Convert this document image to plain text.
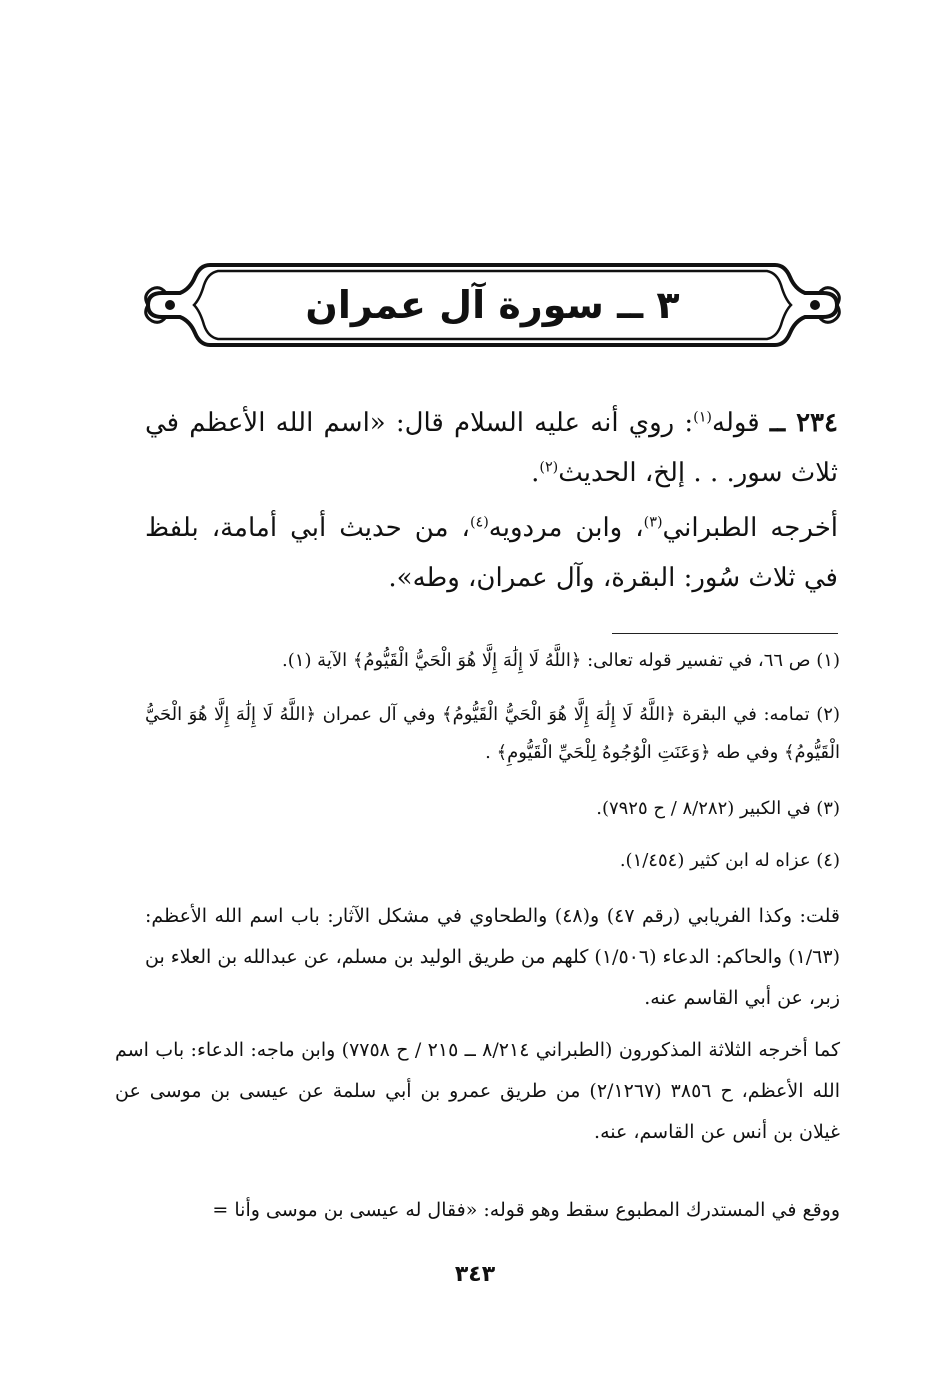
٣ ــ سورة آل عمران
٢٣٤ ــ قوله$^{(١)}$: روي أنه عليه السلام قال: «اسم الله الأعظم في ثلاث سور. . . إلخ، الحديث$^{(٢)}$.
أخرجه الطبراني$^{(٣)}$، وابن مردويه$^{(٤)}$، من حديث أبي أمامة، بلفظ في ثلاث سُور: البقرة، وآل عمران، وطه».
(١) ص ٦٦، في تفسير قوله تعالى: ﴿اللَّهُ لَا إِلَٰهَ إِلَّا هُوَ الْحَيُّ الْقَيُّومُ﴾ الآية (١).
(٢) تمامه: في البقرة ﴿اللَّهُ لَا إِلَٰهَ إِلَّا هُوَ الْحَيُّ الْقَيُّومُ﴾ وفي آل عمران ﴿اللَّهُ لَا إِلَٰهَ إِلَّا هُوَ الْحَيُّ الْقَيُّومُ﴾ وفي طه ﴿وَعَنَتِ الْوُجُوهُ لِلْحَيِّ الْقَيُّومِ﴾ .
(٣) في الكبير (٨/٢٨٢ / ح ٧٩٢٥).
(٤) عزاه له ابن كثير (١/٤٥٤).
قلت: وكذا الفريابي (رقم ٤٧) و(٤٨) والطحاوي في مشكل الآثار: باب اسم الله الأعظم: (١/٦٣) والحاكم: الدعاء (١/٥٠٦) كلهم من طريق الوليد بن مسلم، عن عبدالله بن العلاء بن زبر، عن أبي القاسم عنه.
كما أخرجه الثلاثة المذكورون (الطبراني ٨/٢١٤ ــ ٢١٥ / ح ٧٧٥٨) وابن ماجه: الدعاء: باب اسم الله الأعظم، ح ٣٨٥٦ (٢/١٢٦٧) من طريق عمرو بن أبي سلمة عن عيسى بن موسى عن غيلان بن أنس عن القاسم، عنه.
ووقع في المستدرك المطبوع سقط وهو قوله: «فقال له عيسى بن موسى وأنا =
٣٤٣
